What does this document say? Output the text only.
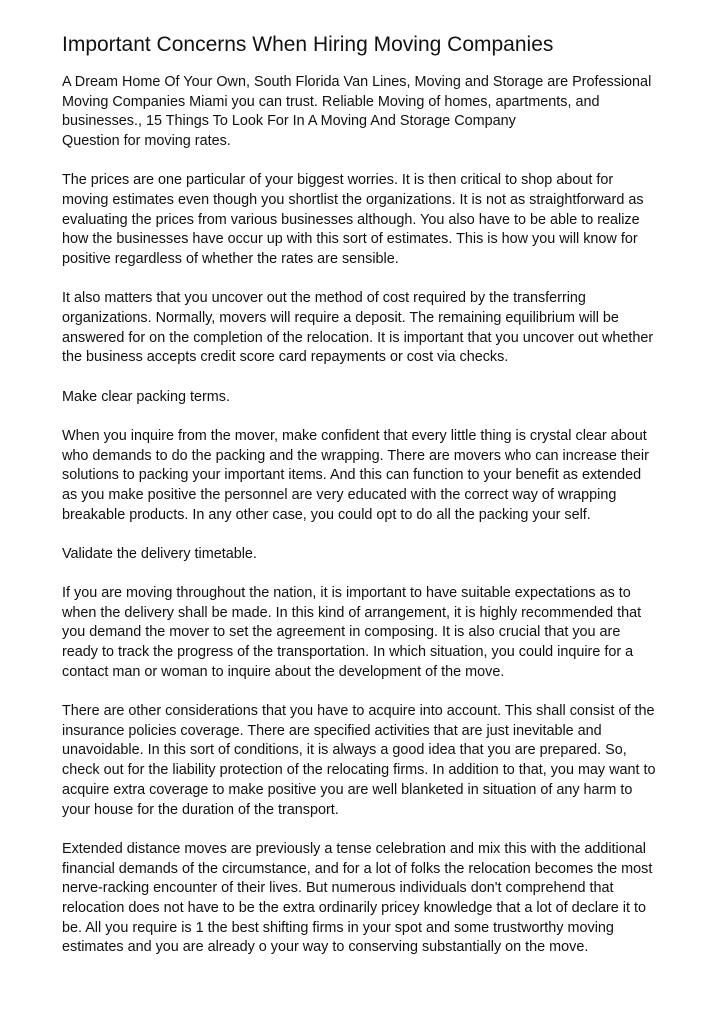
Important Concerns When Hiring Moving Companies

A Dream Home Of Your Own, South Florida Van Lines, Moving and Storage are Professional
Moving Companies Miami you can trust. Reliable Moving of homes, apartments, and
businesses., 15 Things To Look For In A Moving And Storage Company
Question for moving rates.

The prices are one particular of your biggest worries. It is then critical to shop about for
moving estimates even though you shortlist the organizations. It is not as straightforward as
evaluating the prices from various businesses although. You also have to be able to realize
how the businesses have occur up with this sort of estimates. This is how you will know for
positive regardless of whether the rates are sensible.

It also matters that you uncover out the method of cost required by the transferring
organizations. Normally, movers will require a deposit. The remaining equilibrium will be
answered for on the completion of the relocation. It is important that you uncover out whether
the business accepts credit score card repayments or cost via checks.

Make clear packing terms.

When you inquire from the mover, make confident that every little thing is crystal clear about
who demands to do the packing and the wrapping. There are movers who can increase their
solutions to packing your important items. And this can function to your benefit as extended
as you make positive the personnel are very educated with the correct way of wrapping
breakable products. In any other case, you could opt to do all the packing your self.

Validate the delivery timetable.

If you are moving throughout the nation, it is important to have suitable expectations as to
when the delivery shall be made. In this kind of arrangement, it is highly recommended that
you demand the mover to set the agreement in composing. It is also crucial that you are
ready to track the progress of the transportation. In which situation, you could inquire for a
contact man or woman to inquire about the development of the move.

There are other considerations that you have to acquire into account. This shall consist of the
insurance policies coverage. There are specified activities that are just inevitable and
unavoidable. In this sort of conditions, it is always a good idea that you are prepared. So,
check out for the liability protection of the relocating firms. In addition to that, you may want to
acquire extra coverage to make positive you are well blanketed in situation of any harm to
your house for the duration of the transport.

Extended distance moves are previously a tense celebration and mix this with the additional
financial demands of the circumstance, and for a lot of folks the relocation becomes the most
nerve-racking encounter of their lives. But numerous individuals don't comprehend that
relocation does not have to be the extra ordinarily pricey knowledge that a lot of declare it to
be. All you require is 1 the best shifting firms in your spot and some trustworthy moving
estimates and you are already o your way to conserving substantially on the move.
